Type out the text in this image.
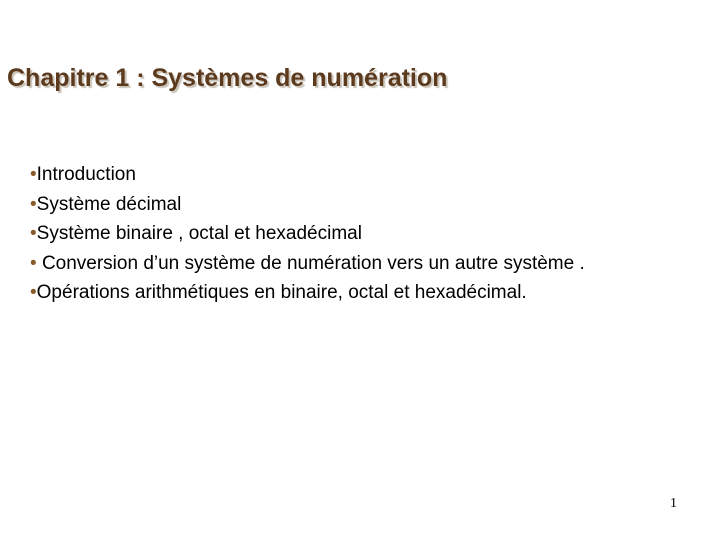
Chapitre 1 : Systèmes de numération
•Introduction
•Système décimal
•Système binaire , octal et hexadécimal
• Conversion d’un système de numération vers un autre système .
•Opérations arithmétiques en binaire, octal et hexadécimal.
1
